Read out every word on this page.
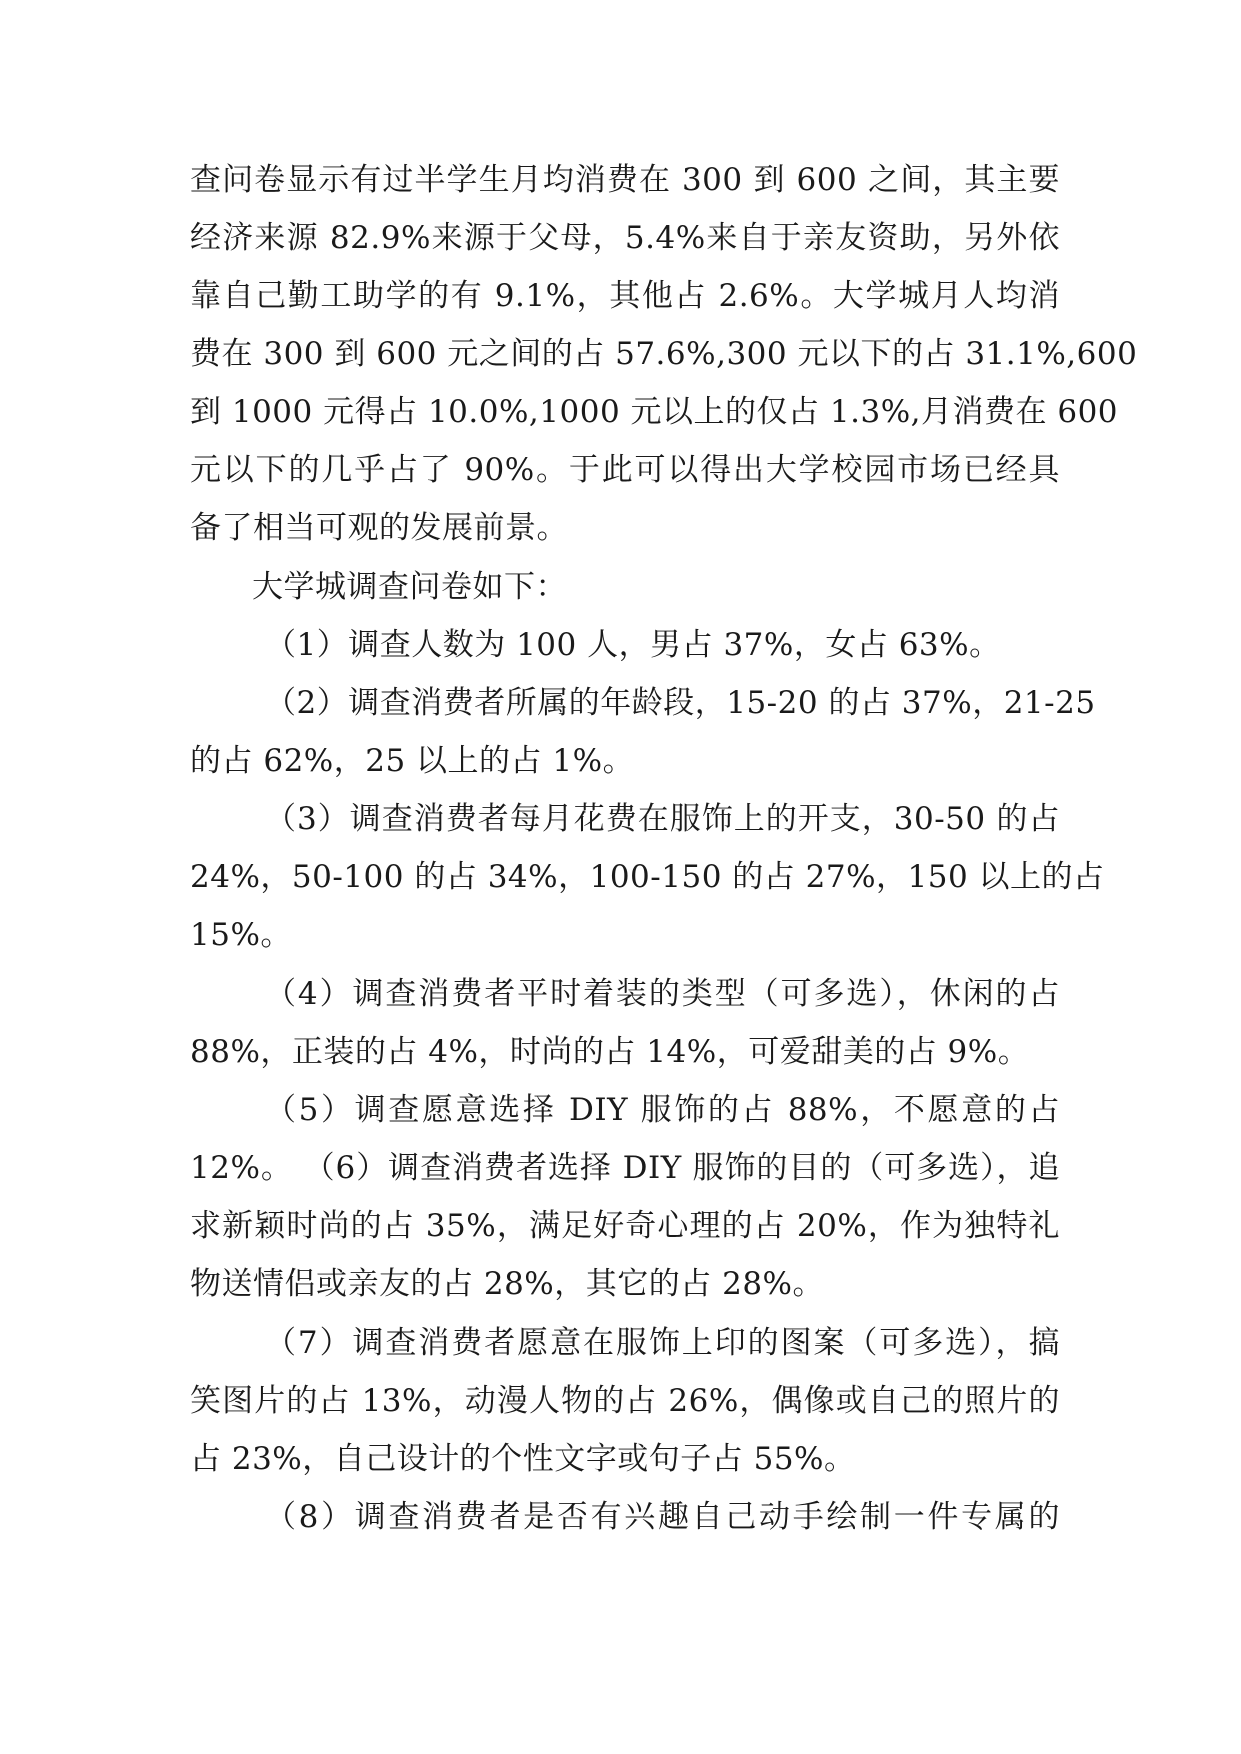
查问卷显示有过半学生月均消费在 300 到 600 之间，其主要
经济来源 82.9%来源于父母，5.4%来自于亲友资助，另外依
靠自己勤工助学的有 9.1%，其他占 2.6%。大学城月人均消
费在 300 到 600 元之间的占 57.6%,300 元以下的占 31.1%,600
到 1000 元得占 10.0%,1000 元以上的仅占 1.3%,月消费在 600
元以下的几乎占了 90%。于此可以得出大学校园市场已经具
备了相当可观的发展前景。
大学城调查问卷如下：
（1）调查人数为 100 人，男占 37%，女占 63%。
（2）调查消费者所属的年龄段，15-20 的占 37%，21-25
的占 62%，25 以上的占 1%。
（3）调查消费者每月花费在服饰上的开支，30-50 的占
24%，50-100 的占 34%，100-150 的占 27%，150 以上的占
15%。
（4）调查消费者平时着装的类型（可多选），休闲的占
88%，正装的占 4%，时尚的占 14%，可爱甜美的占 9%。
（5）调查愿意选择 DIY 服饰的占 88%，不愿意的占
12%。 （6）调查消费者选择 DIY 服饰的目的（可多选），追
求新颖时尚的占 35%，满足好奇心理的占 20%，作为独特礼
物送情侣或亲友的占 28%，其它的占 28%。
（7）调查消费者愿意在服饰上印的图案（可多选），搞
笑图片的占 13%，动漫人物的占 26%，偶像或自己的照片的
占 23%，自己设计的个性文字或句子占 55%。
（8）调查消费者是否有兴趣自己动手绘制一件专属的
